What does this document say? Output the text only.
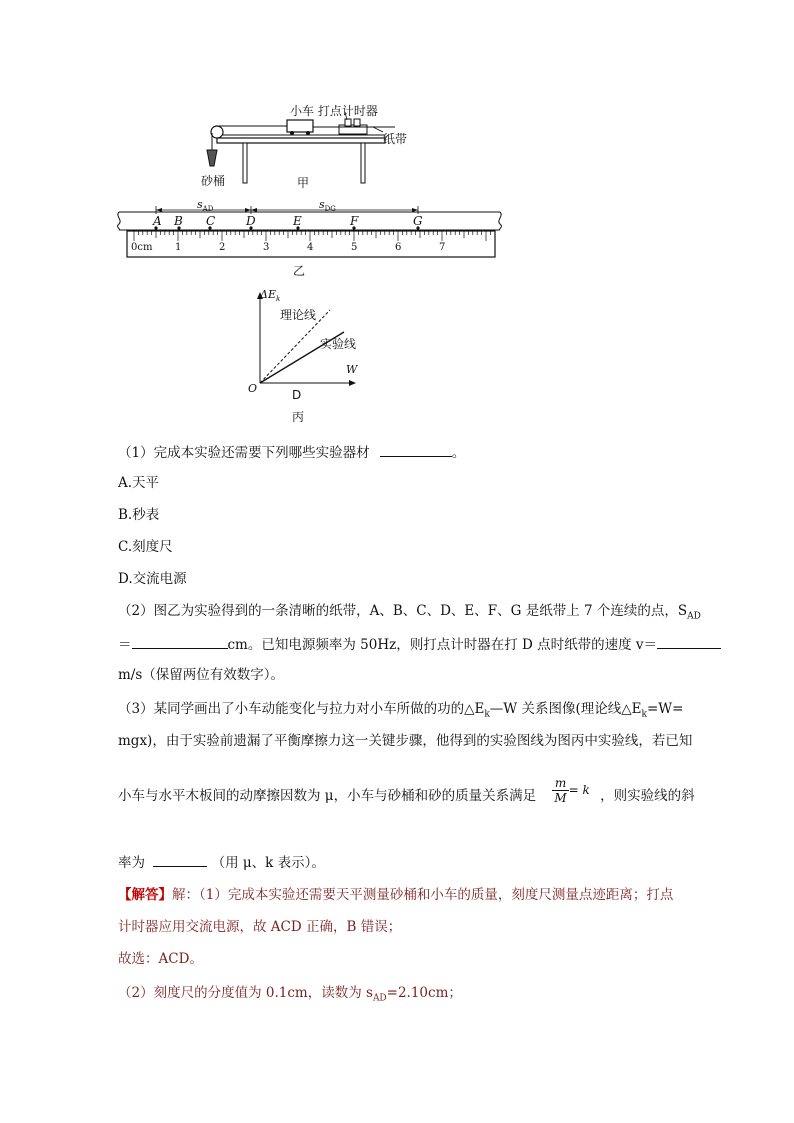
小车 打点计时器
纸带
砂桶	甲
A B C	D	E	F	G
$s_{AD}$	$s_{DG}$
0cm 1	2	3	4	5	6	7
乙
$\Delta E_k$
理论线
实验线
W
O	D
丙
（1）完成本实验还需要下列哪些实验器材	。
A.天平
B.秒表
C.刻度尺
D.交流电源
（2）图乙为实验得到的一条清晰的纸带，A、B、C、D、E、F、G 是纸带上 7 个连续的点，$S_{AD}$
＝	cm。已知电源频率为 50Hz，则打点计时器在打 D 点时纸带的速度 v＝
m/s（保留两位有效数字）。
（3）某同学画出了小车动能变化与拉力对小车所做的功的$\triangle E_k—W$ 关系图像(理论线$\triangle E_k=W=$
mgx)，由于实验前遗漏了平衡摩擦力这一关键步骤，他得到的实验图线为图丙中实验线，若已知
小车与水平木板间的动摩擦因数为 μ，小车与砂桶和砂的质量关系满足 $\frac{m}{M} = k$ ，则实验线的斜
率为	（用 μ、k 表示）。
【解答】解：（1）完成本实验还需要天平测量砂桶和小车的质量，刻度尺测量点迹距离；打点
计时器应用交流电源，故 ACD 正确，B 错误；
故选：ACD。
（2）刻度尺的分度值为 0.1cm，读数为 $s_{AD}=2.10cm$；
